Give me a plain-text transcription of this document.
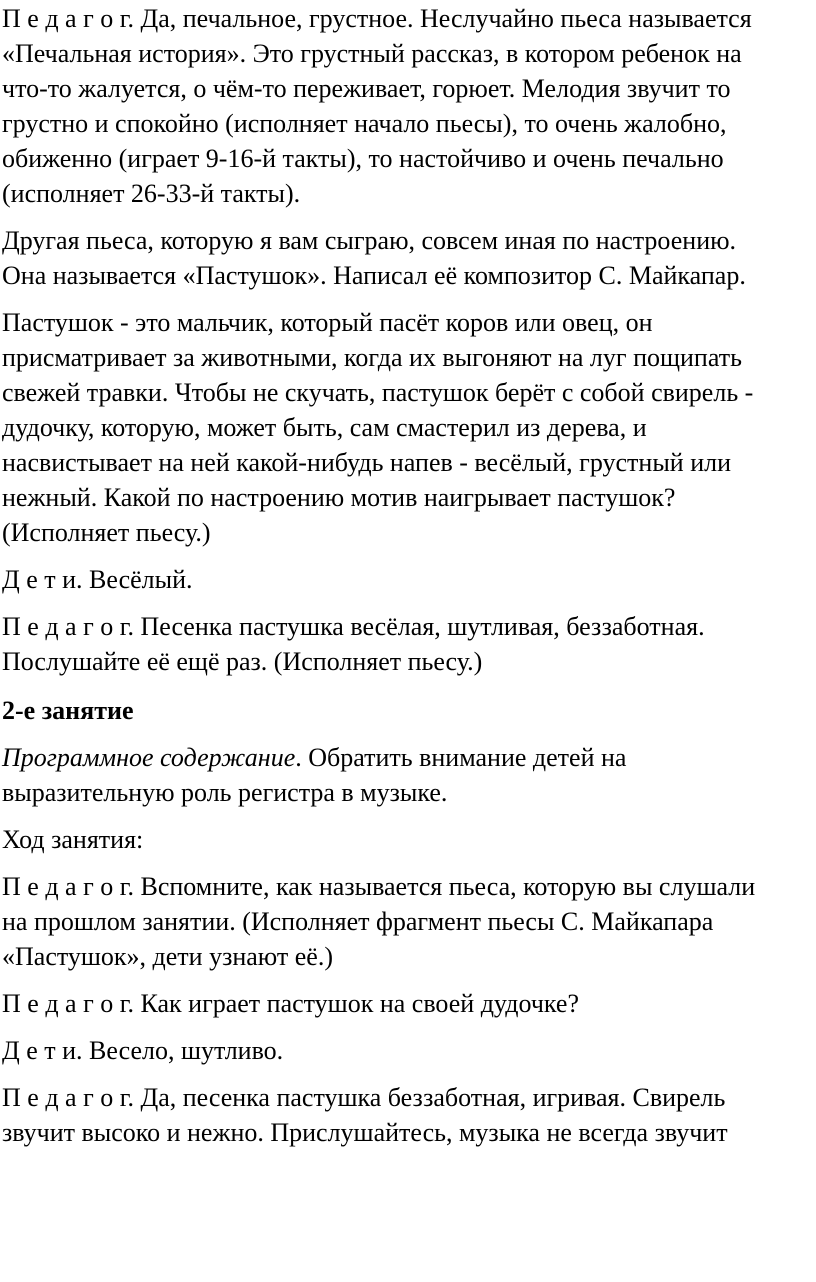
П е д а г о г. Да, печальное, грустное. Неслучайно пьеса называется
«Печальная история». Это грустный рассказ, в котором ребенок на
что-то жалуется, о чём-то переживает, горюет. Мелодия звучит то
грустно и спокойно (исполняет начало пьесы), то очень жалобно,
обиженно (играет 9-16-й такты), то настойчиво и очень печально
(исполняет 26-33-й такты).

Другая пьеса, которую я вам сыграю, совсем иная по настроению.
Она называется «Пастушок». Написал её композитор С. Майкапар.

Пастушок - это мальчик, который пасёт коров или овец, он
присматривает за животными, когда их выгоняют на луг пощипать
свежей травки. Чтобы не скучать, пастушок берёт с собой свирель -
дудочку, которую, может быть, сам смастерил из дерева, и
насвистывает на ней какой-нибудь напев - весёлый, грустный или
нежный. Какой по настроению мотив наигрывает пастушок?
(Исполняет пьесу.)

Д е т и. Весёлый.

П е д а г о г. Песенка пастушка весёлая, шутливая, беззаботная.
Послушайте её ещё раз. (Исполняет пьесу.)

2-е занятие

Программное содержание. Обратить внимание детей на
выразительную роль регистра в музыке.

Ход занятия:

П е д а г о г. Вспомните, как называется пьеса, которую вы слушали
на прошлом занятии. (Исполняет фрагмент пьесы С. Майкапара
«Пастушок», дети узнают её.)

П е д а г о г. Как играет пастушок на своей дудочке?

Д е т и. Весело, шутливо.

П е д а г о г. Да, песенка пастушка беззаботная, игривая. Свирель
звучит высоко и нежно. Прислушайтесь, музыка не всегда звучит
